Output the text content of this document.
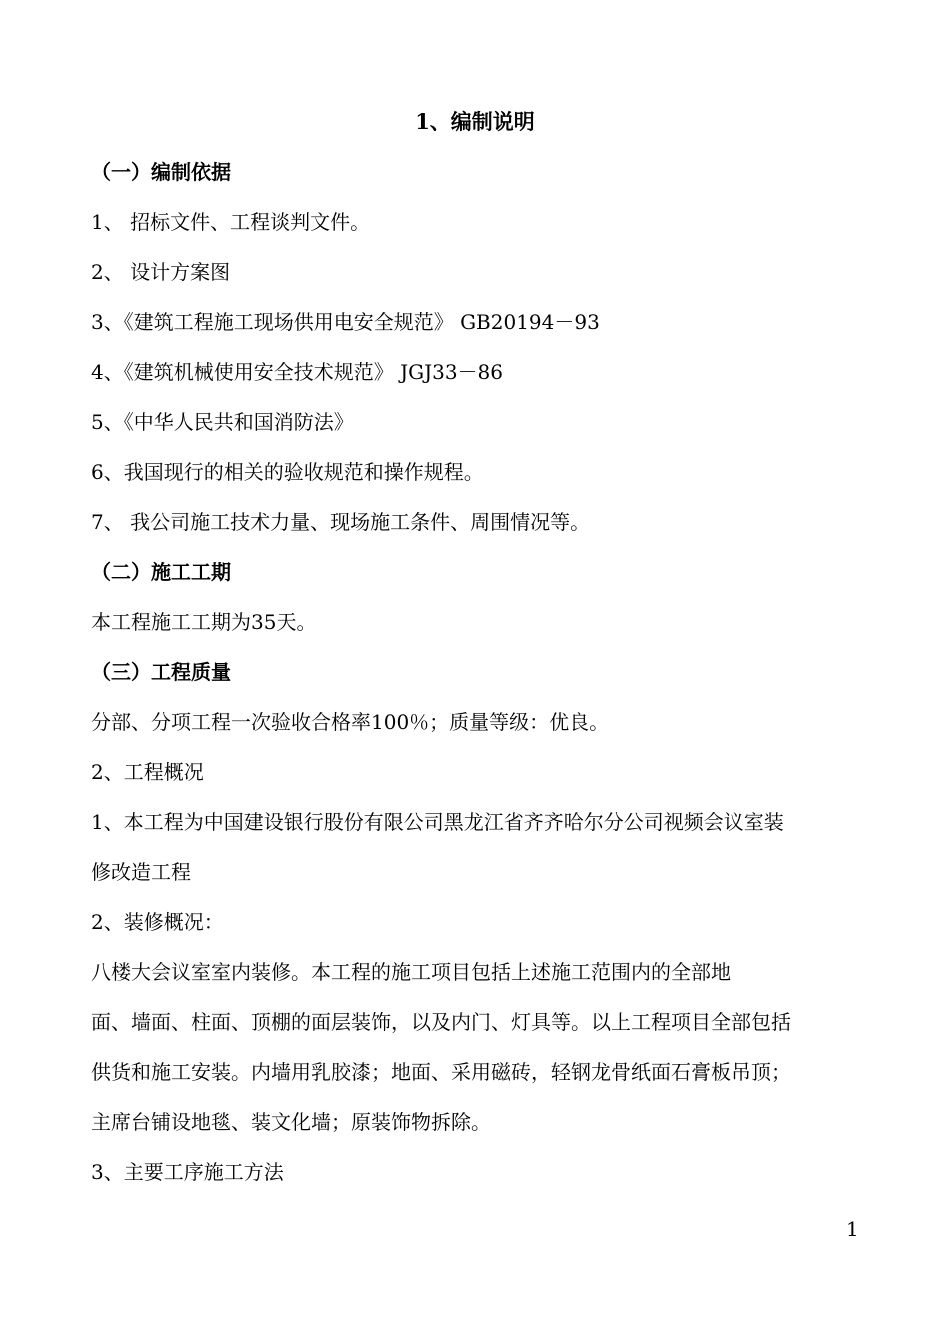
1、编制说明
（一）编制依据
1、 招标文件、工程谈判文件。
2、 设计方案图
3、《建筑工程施工现场供用电安全规范》 GB20194－93
4、《建筑机械使用安全技术规范》 JGJ33－86
5、《中华人民共和国消防法》
6、我国现行的相关的验收规范和操作规程。
7、 我公司施工技术力量、现场施工条件、周围情况等。
（二）施工工期
本工程施工工期为35天。
（三）工程质量
分部、分项工程一次验收合格率100％；质量等级：优良。
2、工程概况
1、本工程为中国建设银行股份有限公司黑龙江省齐齐哈尔分公司视频会议室装
修改造工程
2、装修概况：
八楼大会议室室内装修。本工程的施工项目包括上述施工范围内的全部地
面、墙面、柱面、顶棚的面层装饰，以及内门、灯具等。以上工程项目全部包括
供货和施工安装。内墙用乳胶漆；地面、采用磁砖，轻钢龙骨纸面石膏板吊顶；
主席台铺设地毯、装文化墙；原装饰物拆除。
3、主要工序施工方法
1
